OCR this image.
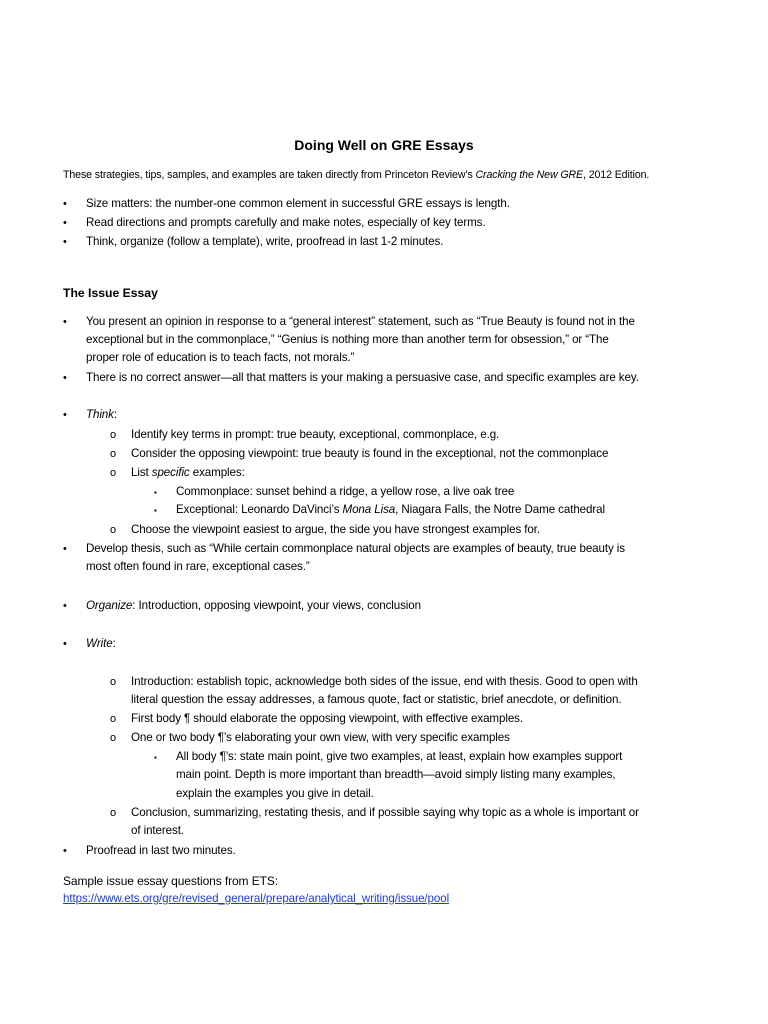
Doing Well on GRE Essays
These strategies, tips, samples, and examples are taken directly from Princeton Review’s Cracking the New GRE, 2012 Edition.
• Size matters: the number-one common element in successful GRE essays is length.
• Read directions and prompts carefully and make notes, especially of key terms.
• Think, organize (follow a template), write, proofread in last 1-2 minutes.
The Issue Essay
• You present an opinion in response to a “general interest” statement, such as “True Beauty is found not in the
exceptional but in the commonplace,” “Genius is nothing more than another term for obsession,” or “The
proper role of education is to teach facts, not morals.”
• There is no correct answer—all that matters is your making a persuasive case, and specific examples are key.
• Think:
o Identify key terms in prompt: true beauty, exceptional, commonplace, e.g.
o Consider the opposing viewpoint: true beauty is found in the exceptional, not the commonplace
o List specific examples:
▪ Commonplace: sunset behind a ridge, a yellow rose, a live oak tree
▪ Exceptional: Leonardo DaVinci’s Mona Lisa, Niagara Falls, the Notre Dame cathedral
o Choose the viewpoint easiest to argue, the side you have strongest examples for.
• Develop thesis, such as “While certain commonplace natural objects are examples of beauty, true beauty is
most often found in rare, exceptional cases.”
• Organize: Introduction, opposing viewpoint, your views, conclusion
• Write:
o Introduction: establish topic, acknowledge both sides of the issue, end with thesis. Good to open with
literal question the essay addresses, a famous quote, fact or statistic, brief anecdote, or definition.
o First body ¶ should elaborate the opposing viewpoint, with effective examples.
o One or two body ¶’s elaborating your own view, with very specific examples
▪ All body ¶’s: state main point, give two examples, at least, explain how examples support
main point. Depth is more important than breadth—avoid simply listing many examples,
explain the examples you give in detail.
o Conclusion, summarizing, restating thesis, and if possible saying why topic as a whole is important or
of interest.
• Proofread in last two minutes.
Sample issue essay questions from ETS:
https://www.ets.org/gre/revised_general/prepare/analytical_writing/issue/pool
